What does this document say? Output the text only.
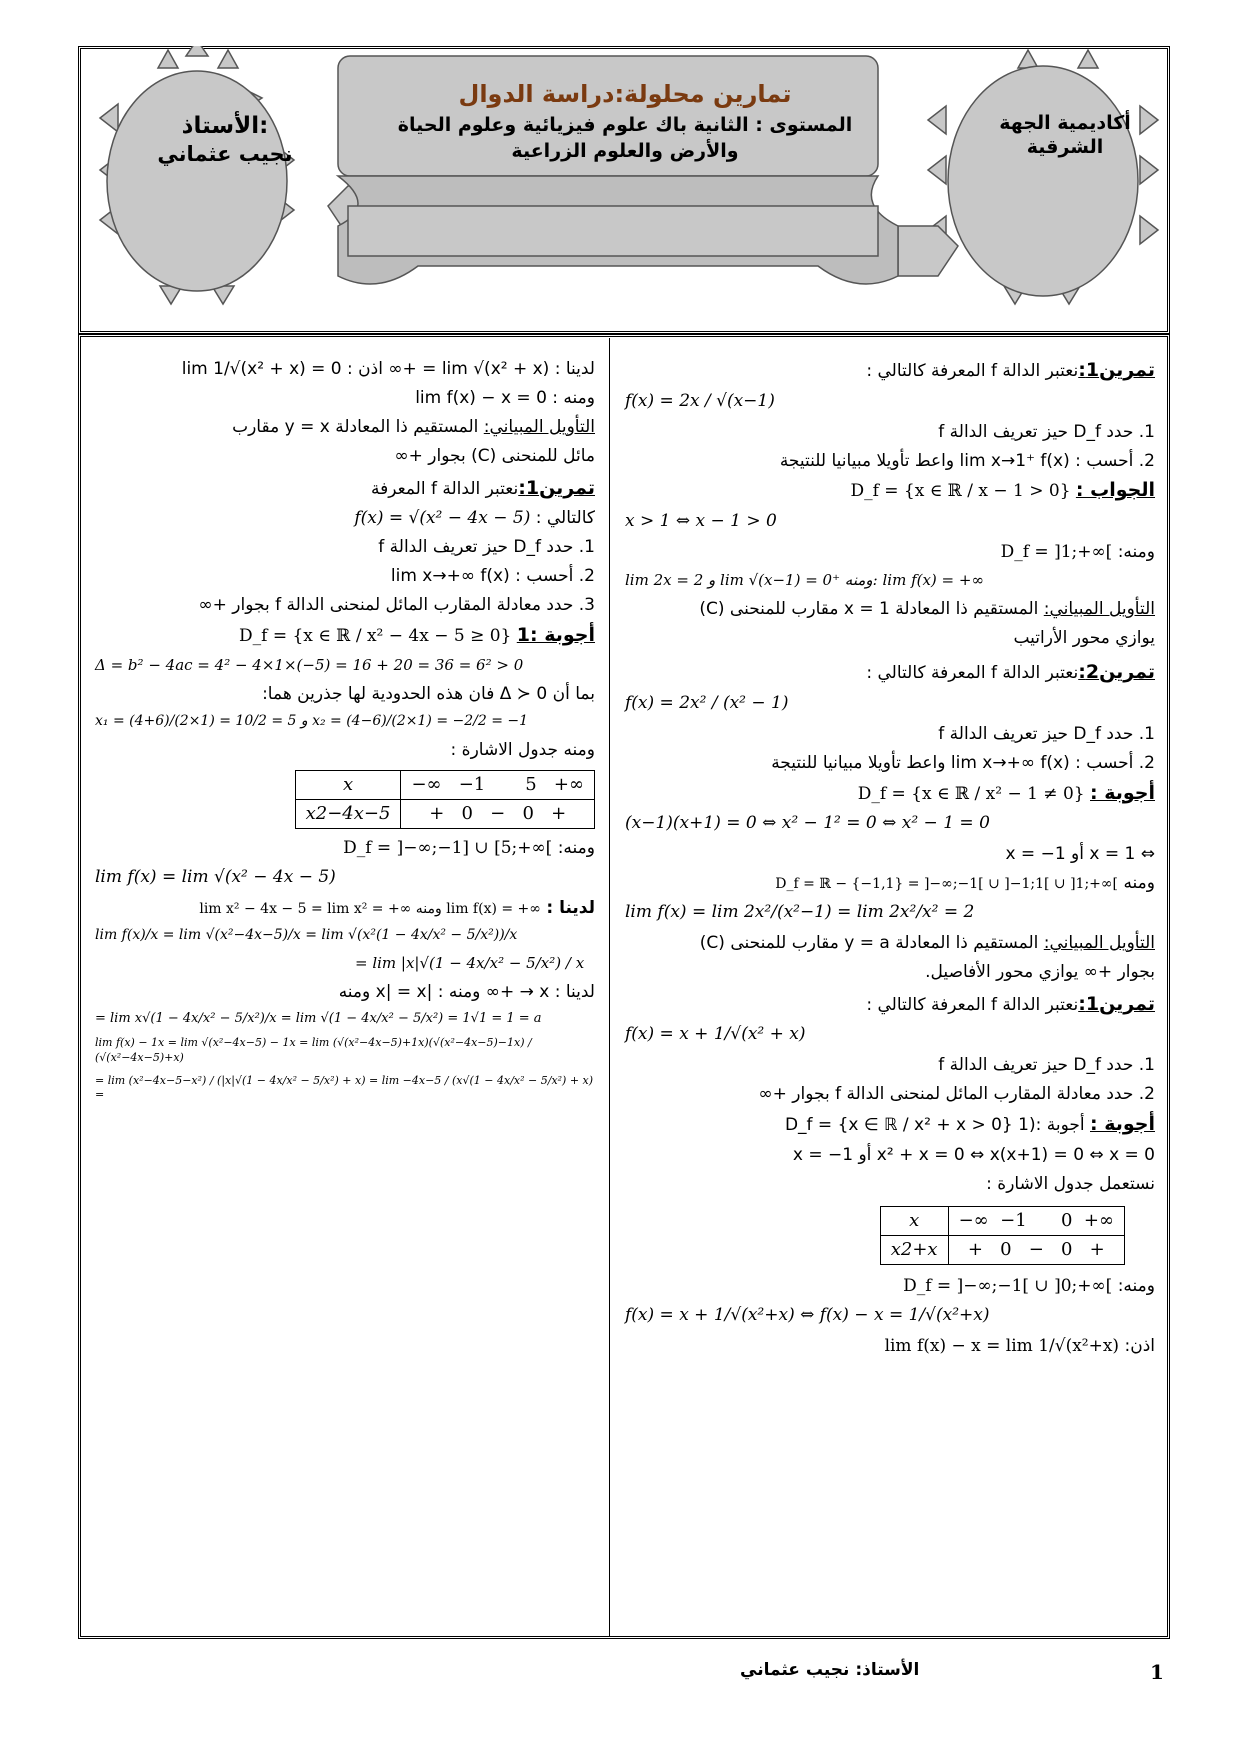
الأستاذ:
نجيب عثماني
أكاديمية الجهة الشرقية

تمارين محلولة:دراسة الدوال

المستوى : الثانية باك علوم فيزيائية وعلوم الحياة

والأرض والعلوم الزراعية

تمرين1:نعتبر الدالة f المعرفة كالتالي :
f(x) = 2x / √(x−1)
1. حدد D_f حيز تعريف الدالة f
2. أحسب : lim x→1⁺ f(x) واعط تأويلا مبيانيا للنتيجة
الجواب : D_f = {x ∈ ℝ / x − 1 > 0}
x > 1 ⇔ x − 1 > 0
ومنه: D_f = ]1;+∞[
lim 2x = 2 و lim √(x−1) = 0⁺ ومنه: lim f(x) = +∞
التأويل المبياني: المستقيم ذا المعادلة x = 1 مقارب للمنحنى (C)
يوازي محور الأراتيب
تمرين2:نعتبر الدالة f المعرفة كالتالي :
f(x) = 2x² / (x² − 1)
1. حدد D_f حيز تعريف الدالة f
2. أحسب : lim x→+∞ f(x) واعط تأويلا مبيانيا للنتيجة
أجوبة : D_f = {x ∈ ℝ / x² − 1 ≠ 0}
(x−1)(x+1) = 0 ⇔ x² − 1² = 0 ⇔ x² − 1 = 0
⇔ x = 1 أو x = −1
ومنه D_f = ℝ − {−1,1} = ]−∞;−1[ ∪ ]−1;1[ ∪ ]1;+∞[
lim f(x) = lim 2x²/(x²−1) = lim 2x²/x² = 2
التأويل المبياني: المستقيم ذا المعادلة y = a مقارب للمنحنى (C)
بجوار +∞ يوازي محور الأفاصيل.
تمرين1:نعتبر الدالة f المعرفة كالتالي :
f(x) = x + 1/√(x² + x)
1. حدد D_f حيز تعريف الدالة f
2. حدد معادلة المقارب المائل لمنحنى الدالة f بجوار +∞
أجوبة : أجوبة :(1 D_f = {x ∈ ℝ / x² + x > 0}
x² + x = 0 ⇔ x(x+1) = 0 ⇔ x = 0 أو x = −1
نستعمل جدول الاشارة :
x	−∞ −1 0 +∞
x2+x	+ 0 − 0 +
ومنه: D_f = ]−∞;−1[ ∪ ]0;+∞[
f(x) = x + 1/√(x²+x) ⇔ f(x) − x = 1/√(x²+x)
اذن: lim f(x) − x = lim 1/√(x²+x)
لدينا : lim √(x² + x) = +∞ اذن : lim 1/√(x² + x) = 0
ومنه : lim f(x) − x = 0
التأويل المبياني: المستقيم ذا المعادلة y = x مقارب
مائل للمنحنى (C) بجوار +∞
تمرين1:نعتبر الدالة f المعرفة
كالتالي : f(x) = √(x² − 4x − 5)
1. حدد D_f حيز تعريف الدالة f
2. أحسب : lim x→+∞ f(x)
3. حدد معادلة المقارب المائل لمنحنى الدالة f بجوار +∞
أجوبة :1 D_f = {x ∈ ℝ / x² − 4x − 5 ≥ 0}
Δ = b² − 4ac = 4² − 4×1×(−5) = 16 + 20 = 36 = 6² > 0
بما أن Δ ≻ 0 فان هذه الحدودية لها جذرين هما:
x₁ = (4+6)/(2×1) = 10/2 = 5 و x₂ = (4−6)/(2×1) = −2/2 = −1
ومنه جدول الاشارة :
x	−∞ −1 5 +∞
x2−4x−5	+ 0 − 0 +
ومنه: D_f = ]−∞;−1] ∪ [5;+∞[
lim f(x) = lim √(x² − 4x − 5)
لدينا : lim x² − 4x − 5 = lim x² = +∞ ومنه lim f(x) = +∞
lim f(x)/x = lim √(x²−4x−5)/x = lim √(x²(1 − 4x/x² − 5/x²))/x
= lim |x|√(1 − 4x/x² − 5/x²) / x
لدينا : x → +∞ ومنه : |x| = x ومنه
= lim x√(1 − 4x/x² − 5/x²)/x = lim √(1 − 4x/x² − 5/x²) = 1√1 = 1 = a
lim f(x) − 1x = lim √(x²−4x−5) − 1x = lim (√(x²−4x−5)+1x)(√(x²−4x−5)−1x) / (√(x²−4x−5)+x)
= lim (x²−4x−5−x²) / (|x|√(1 − 4x/x² − 5/x²) + x) = lim −4x−5 / (x√(1 − 4x/x² − 5/x²) + x) =
1
الأستاذ: نجيب عثماني
